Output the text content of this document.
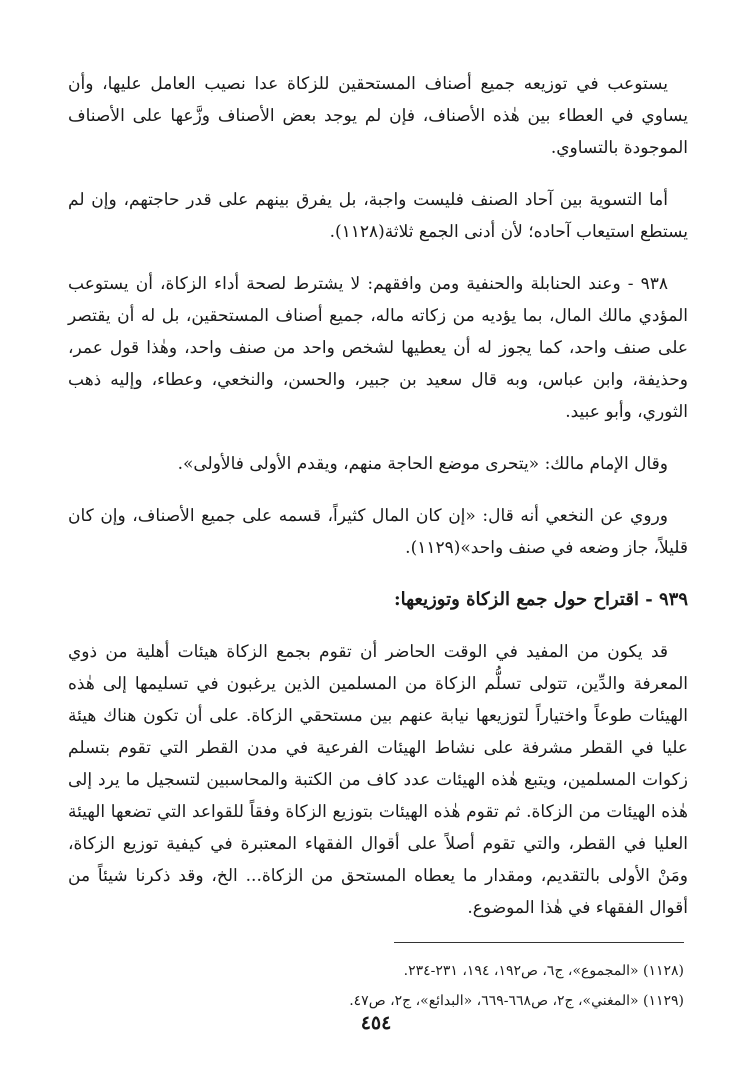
يستوعب في توزيعه جميع أصناف المستحقين للزكاة عدا نصيب العامل عليها، وأن يساوي في العطاء بين هٰذه الأصناف، فإن لم يوجد بعض الأصناف وزَّعها على الأصناف الموجودة بالتساوي.

أما التسوية بين آحاد الصنف فليست واجبة، بل يفرق بينهم على قدر حاجتهم، وإن لم يستطع استيعاب آحاده؛ لأن أدنى الجمع ثلاثة(١١٢٨).

٩٣٨ - وعند الحنابلة والحنفية ومن وافقهم: لا يشترط لصحة أداء الزكاة، أن يستوعب المؤدي مالك المال، بما يؤديه من زكاته ماله، جميع أصناف المستحقين، بل له أن يقتصر على صنف واحد، كما يجوز له أن يعطيها لشخص واحد من صنف واحد، وهٰذا قول عمر، وحذيفة، وابن عباس، وبه قال سعيد بن جبير، والحسن، والنخعي، وعطاء، وإليه ذهب الثوري، وأبو عبيد.

وقال الإمام مالك: «يتحرى موضع الحاجة منهم، ويقدم الأولى فالأولى».

وروي عن النخعي أنه قال: «إن كان المال كثيراً، قسمه على جميع الأصناف، وإن كان قليلاً، جاز وضعه في صنف واحد»(١١٢٩).

٩٣٩ - اقتراح حول جمع الزكاة وتوزيعها:

قد يكون من المفيد في الوقت الحاضر أن تقوم بجمع الزكاة هيئات أهلية من ذوي المعرفة والدِّين، تتولى تسلُّم الزكاة من المسلمين الذين يرغبون في تسليمها إلى هٰذه الهيئات طوعاً واختياراً لتوزيعها نيابة عنهم بين مستحقي الزكاة. على أن تكون هناك هيئة عليا في القطر مشرفة على نشاط الهيئات الفرعية في مدن القطر التي تقوم بتسلم زكوات المسلمين، ويتبع هٰذه الهيئات عدد كاف من الكتبة والمحاسبين لتسجيل ما يرد إلى هٰذه الهيئات من الزكاة. ثم تقوم هٰذه الهيئات بتوزيع الزكاة وفقاً للقواعد التي تضعها الهيئة العليا في القطر، والتي تقوم أصلاً على أقوال الفقهاء المعتبرة في كيفية توزيع الزكاة، ومَنْ الأولى بالتقديم، ومقدار ما يعطاه المستحق من الزكاة... الخ، وقد ذكرنا شيئاً من أقوال الفقهاء في هٰذا الموضوع.

(١١٢٨) «المجموع»، ج٦، ص١٩٢، ١٩٤، ٢٣١-٢٣٤.

(١١٢٩) «المغني»، ج٢، ص٦٦٨-٦٦٩، «البدائع»، ج٢، ص٤٧.

٤٥٤
